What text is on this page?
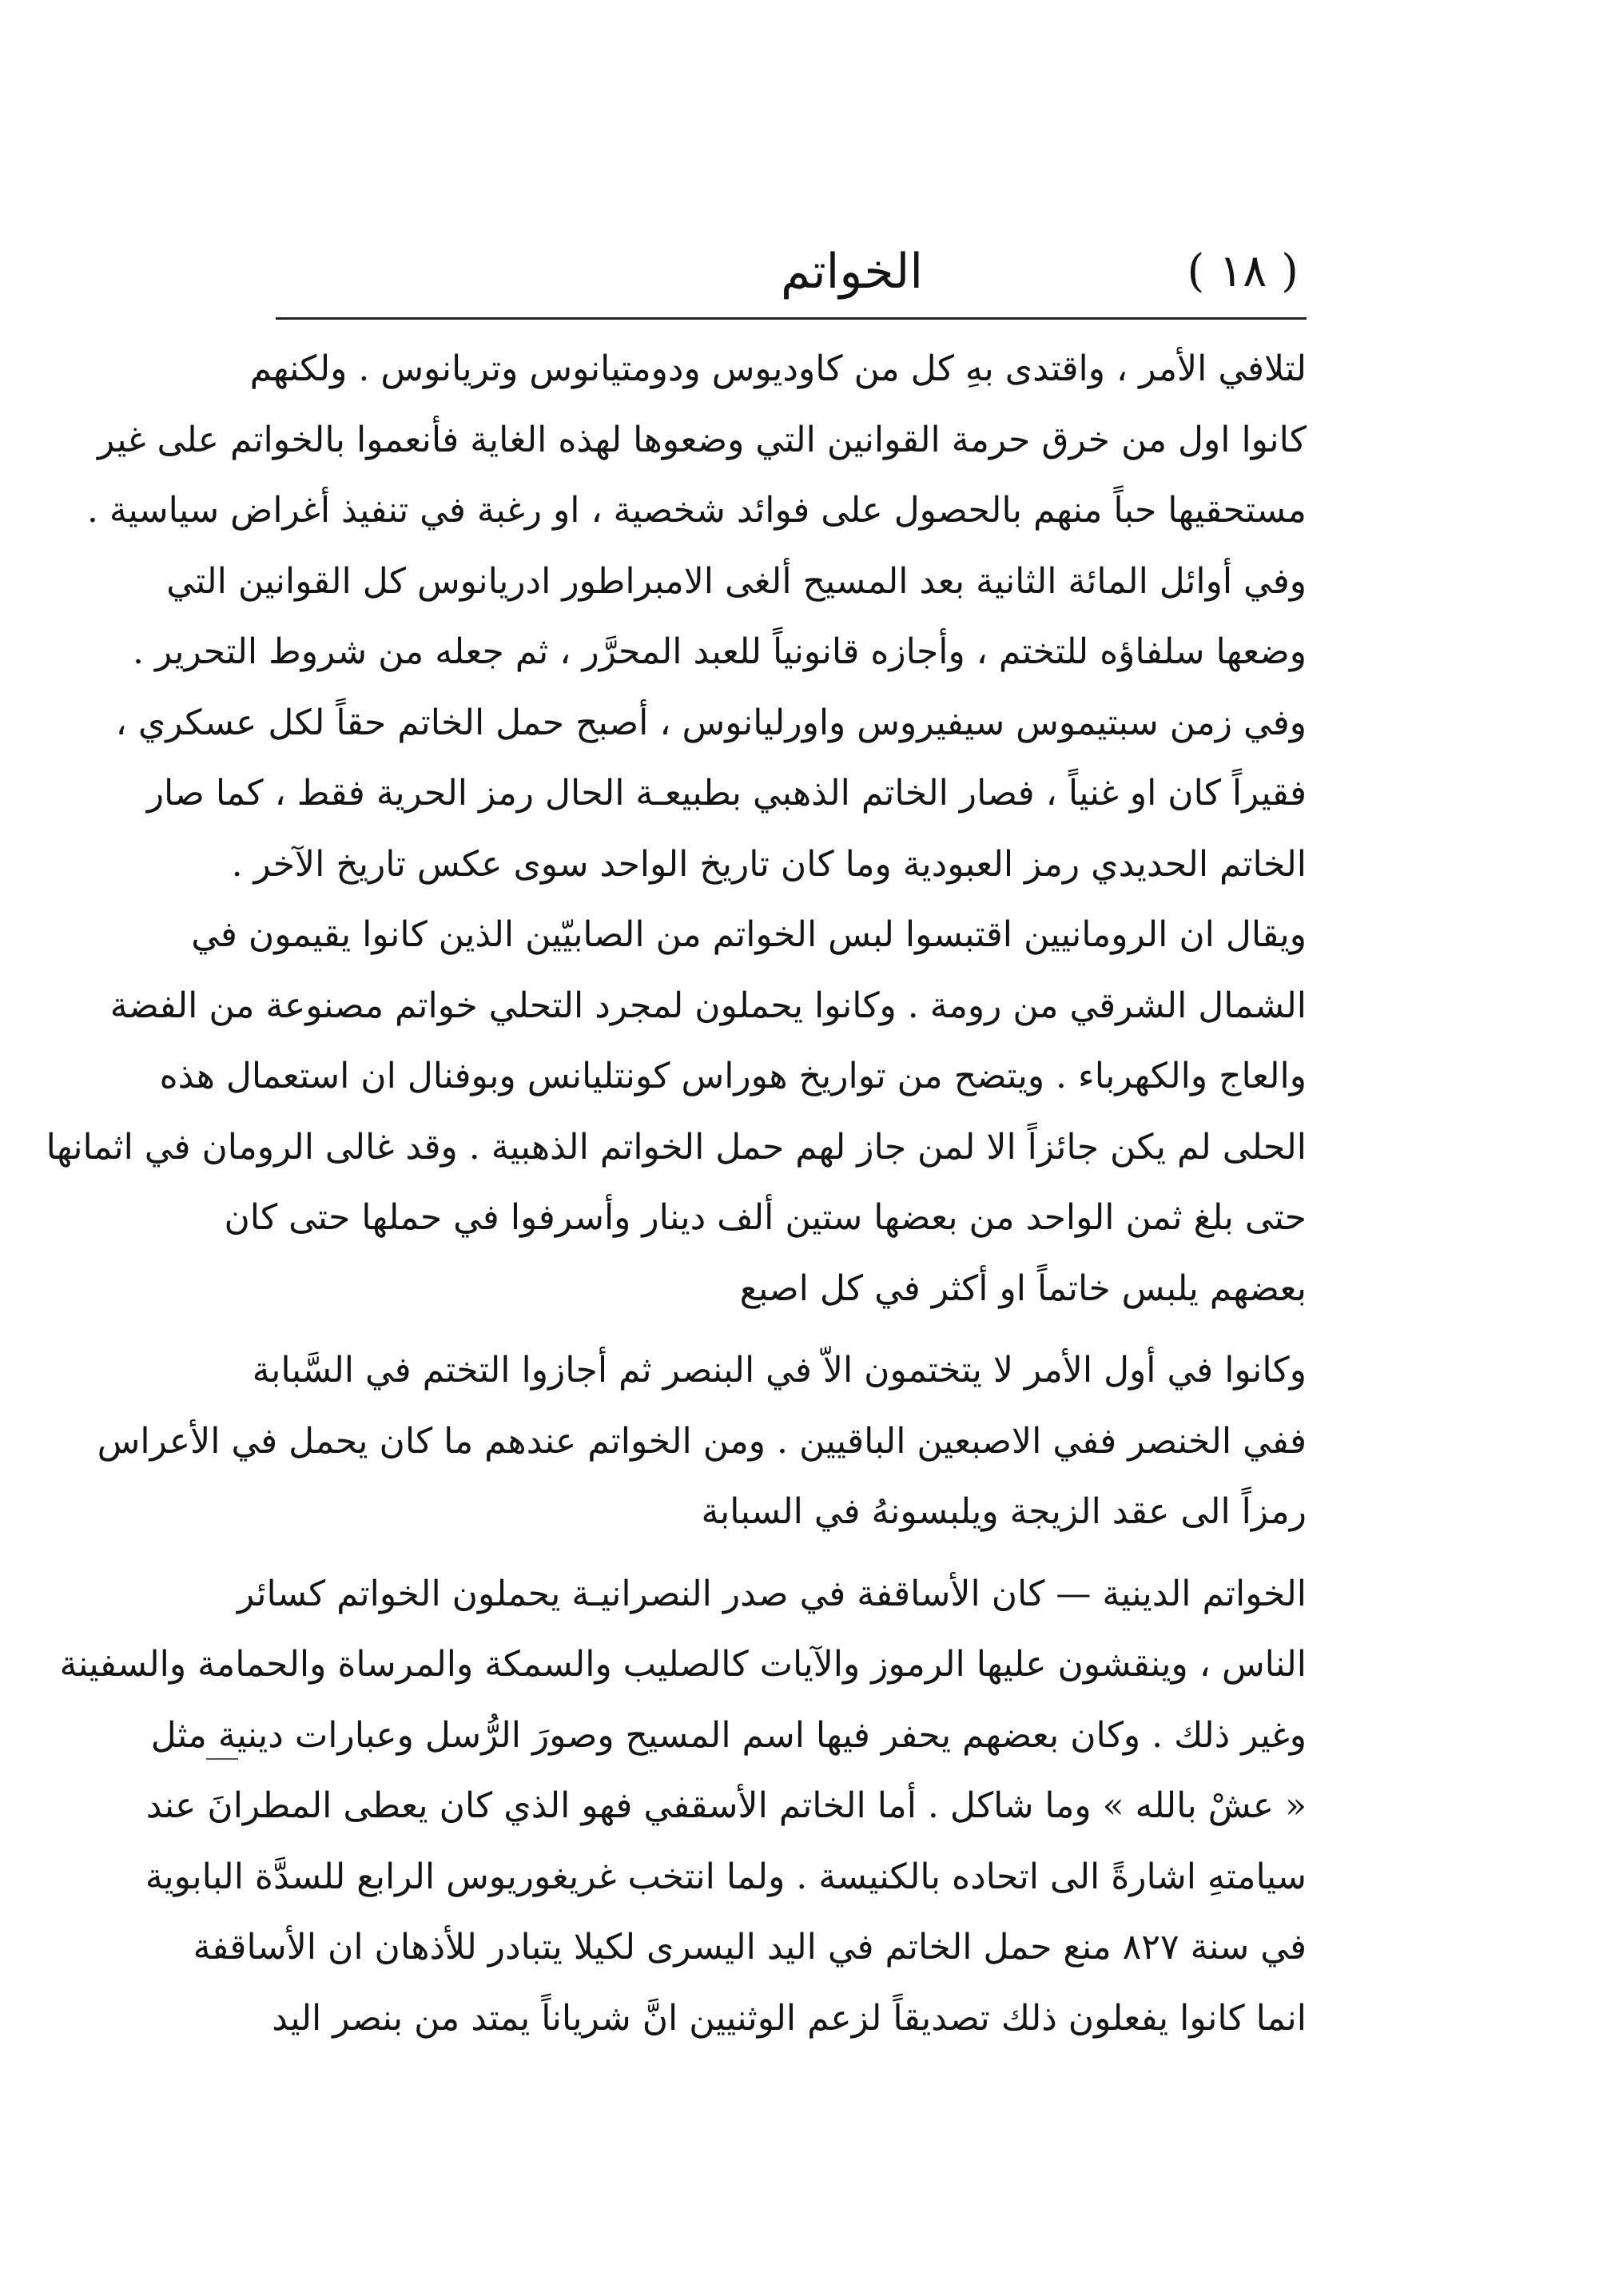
( ١٨ )
الخواتم
لتلافي الأمر ، واقتدى بهِ كل من كاوديوس ودومتيانوس وتريانوس . ولكنهم
كانوا اول من خرق حرمة القوانين التي وضعوها لهذه الغاية فأنعموا بالخواتم على غير
مستحقيها حباً منهم بالحصول على فوائد شخصية ، او رغبة في تنفيذ أغراض سياسية .
وفي أوائل المائة الثانية بعد المسيح ألغى الامبراطور ادريانوس كل القوانين التي
وضعها سلفاؤه للتختم ، وأجازه قانونياً للعبد المحرَّر ، ثم جعله من شروط التحرير .
وفي زمن سبتيموس سيفيروس واورليانوس ، أصبح حمل الخاتم حقاً لكل عسكري ،
فقيراً كان او غنياً ، فصار الخاتم الذهبي بطبيعـة الحال رمز الحرية فقط ، كما صار
الخاتم الحديدي رمز العبودية وما كان تاريخ الواحد سوى عكس تاريخ الآخر .
ويقال ان الرومانيين اقتبسوا لبس الخواتم من الصابيّين الذين كانوا يقيمون في
الشمال الشرقي من رومة . وكانوا يحملون لمجرد التحلي خواتم مصنوعة من الفضة
والعاج والكهرباء . ويتضح من تواريخ هوراس كونتليانس وبوفنال ان استعمال هذه
الحلى لم يكن جائزاً الا لمن جاز لهم حمل الخواتم الذهبية . وقد غالى الرومان في اثمانها
حتى بلغ ثمن الواحد من بعضها ستين ألف دينار وأسرفوا في حملها حتى كان
بعضهم يلبس خاتماً او أكثر في كل اصبع
وكانوا في أول الأمر لا يتختمون الاّ في البنصر ثم أجازوا التختم في السَّبابة
ففي الخنصر ففي الاصبعين الباقيين . ومن الخواتم عندهم ما كان يحمل في الأعراس
رمزاً الى عقد الزيجة ويلبسونهُ في السبابة
الخواتم الدينية — كان الأساقفة في صدر النصرانيـة يحملون الخواتم كسائر
الناس ، وينقشون عليها الرموز والآيات كالصليب والسمكة والمرساة والحمامة والسفينة
وغير ذلك . وكان بعضهم يحفر فيها اسم المسيح وصورَ الرُّسل وعبارات دينية مثل
« عشْ بالله » وما شاكل . أما الخاتم الأسقفي فهو الذي كان يعطى المطرانَ عند
سيامتهِ اشارةً الى اتحاده بالكنيسة . ولما انتخب غريغوريوس الرابع للسدَّة البابوية
في سنة ٨٢٧ منع حمل الخاتم في اليد اليسرى لكيلا يتبادر للأذهان ان الأساقفة
انما كانوا يفعلون ذلك تصديقاً لزعم الوثنيين انَّ شرياناً يمتد من بنصر اليد
